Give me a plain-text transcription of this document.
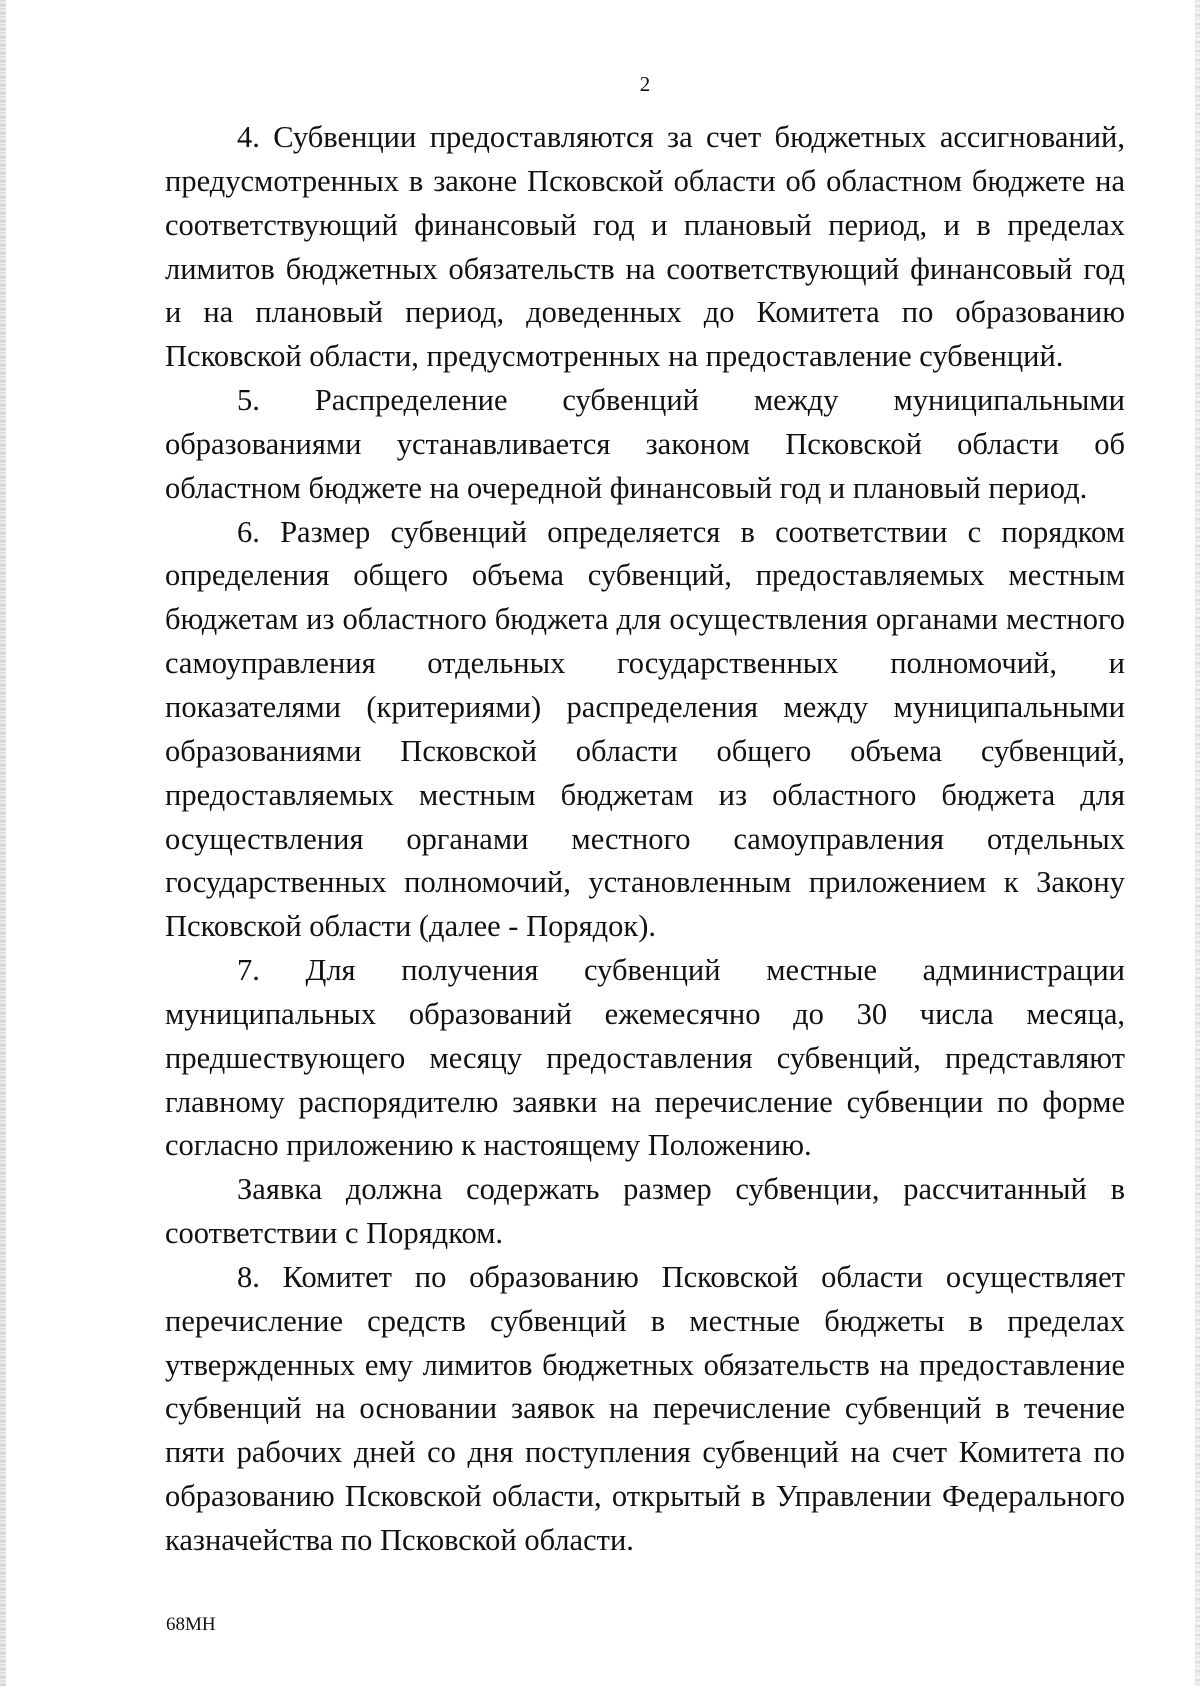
2

4. Субвенции предоставляются за счет бюджетных ассигнований, предусмотренных в законе Псковской области об областном бюджете на соответствующий финансовый год и плановый период, и в пределах лимитов бюджетных обязательств на соответствующий финансовый год и на плановый период, доведенных до Комитета по образованию Псковской области, предусмотренных на предоставление субвенций.

5. Распределение субвенций между муниципальными образованиями устанавливается законом Псковской области об областном бюджете на очередной финансовый год и плановый период.

6. Размер субвенций определяется в соответствии с порядком определения общего объема субвенций, предоставляемых местным бюджетам из областного бюджета для осуществления органами местного самоуправления отдельных государственных полномочий, и показателями (критериями) распределения между муниципальными образованиями Псковской области общего объема субвенций, предоставляемых местным бюджетам из областного бюджета для осуществления органами местного самоуправления отдельных государственных полномочий, установленным приложением к Закону Псковской области (далее - Порядок).

7. Для получения субвенций местные администрации муниципальных образований ежемесячно до 30 числа месяца, предшествующего месяцу предоставления субвенций, представляют главному распорядителю заявки на перечисление субвенции по форме согласно приложению к настоящему Положению.

Заявка должна содержать размер субвенции, рассчитанный в соответствии с Порядком.

8. Комитет по образованию Псковской области осуществляет перечисление средств субвенций в местные бюджеты в пределах утвержденных ему лимитов бюджетных обязательств на предоставление субвенций на основании заявок на перечисление субвенций в течение пяти рабочих дней со дня поступления субвенций на счет Комитета по образованию Псковской области, открытый в Управлении Федерального казначейства по Псковской области.

68МН
